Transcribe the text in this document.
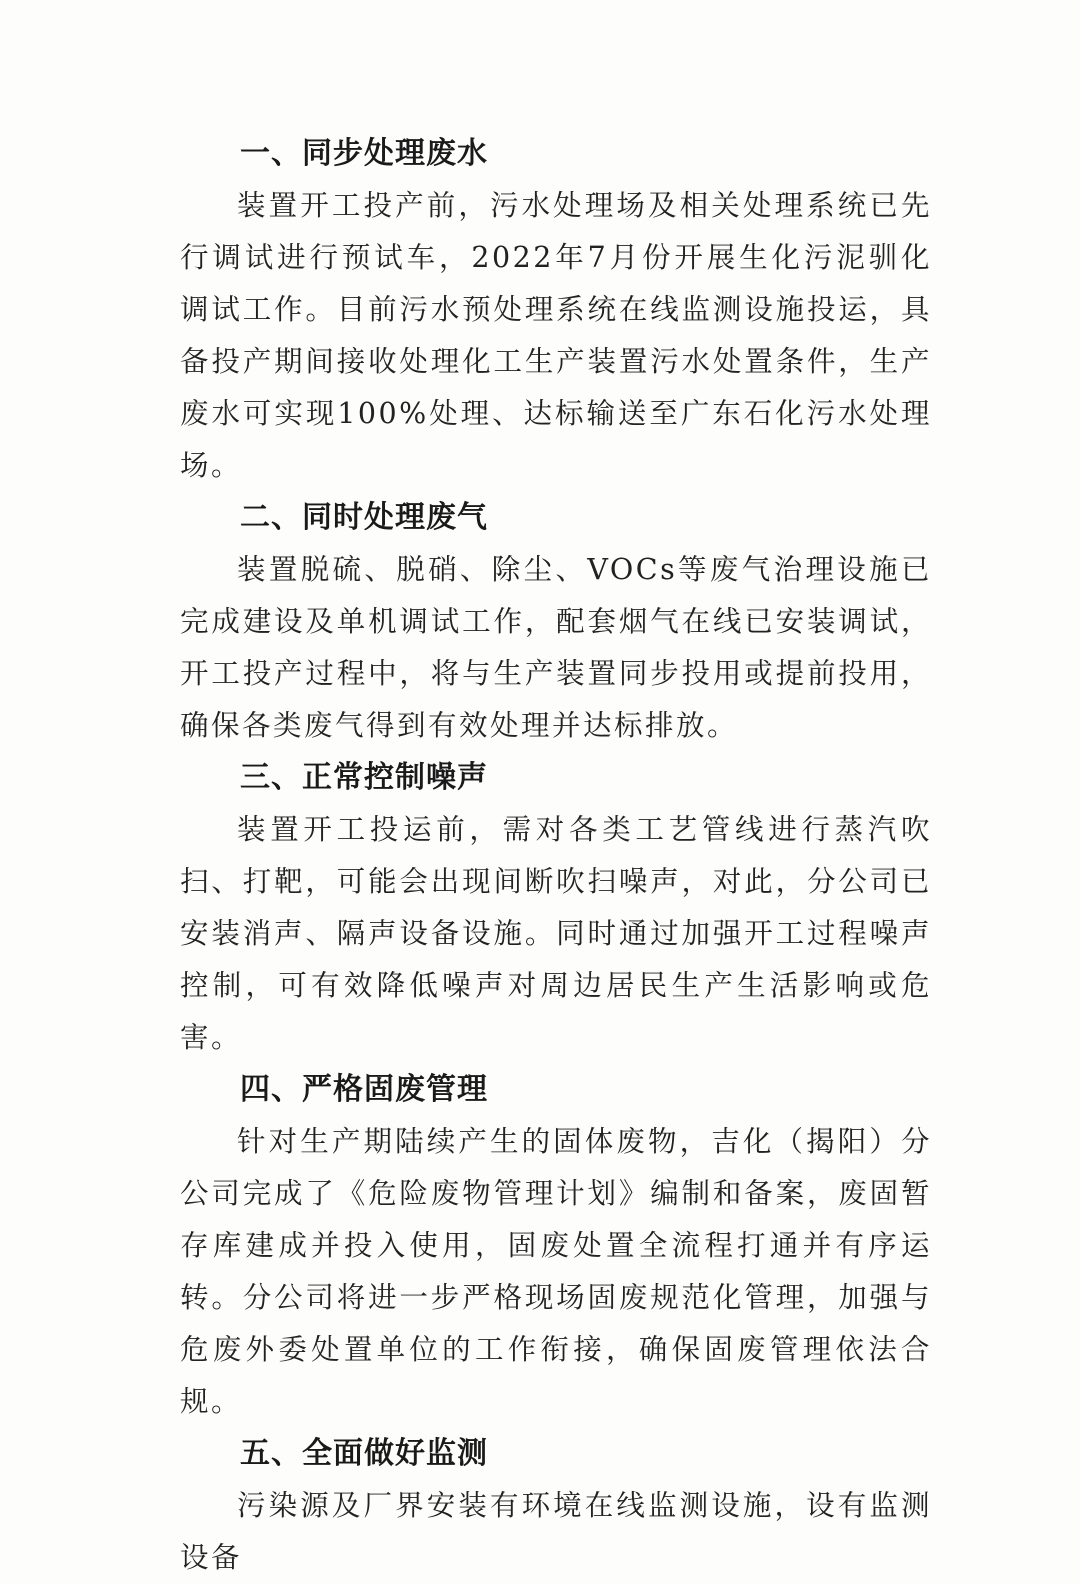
一、同步处理废水

装置开工投产前，污水处理场及相关处理系统已先行调试进行预试车，2022年7月份开展生化污泥驯化调试工作。目前污水预处理系统在线监测设施投运，具备投产期间接收处理化工生产装置污水处置条件，生产废水可实现100%处理、达标输送至广东石化污水处理场。

二、同时处理废气

装置脱硫、脱硝、除尘、VOCs等废气治理设施已完成建设及单机调试工作，配套烟气在线已安装调试，开工投产过程中，将与生产装置同步投用或提前投用，确保各类废气得到有效处理并达标排放。

三、正常控制噪声

装置开工投运前，需对各类工艺管线进行蒸汽吹扫、打靶，可能会出现间断吹扫噪声，对此，分公司已安装消声、隔声设备设施。同时通过加强开工过程噪声控制，可有效降低噪声对周边居民生产生活影响或危害。

四、严格固废管理

针对生产期陆续产生的固体废物，吉化（揭阳）分公司完成了《危险废物管理计划》编制和备案，废固暂存库建成并投入使用，固废处置全流程打通并有序运转。分公司将进一步严格现场固废规范化管理，加强与危废外委处置单位的工作衔接，确保固废管理依法合规。

五、全面做好监测

污染源及厂界安装有环境在线监测设施，设有监测设备
